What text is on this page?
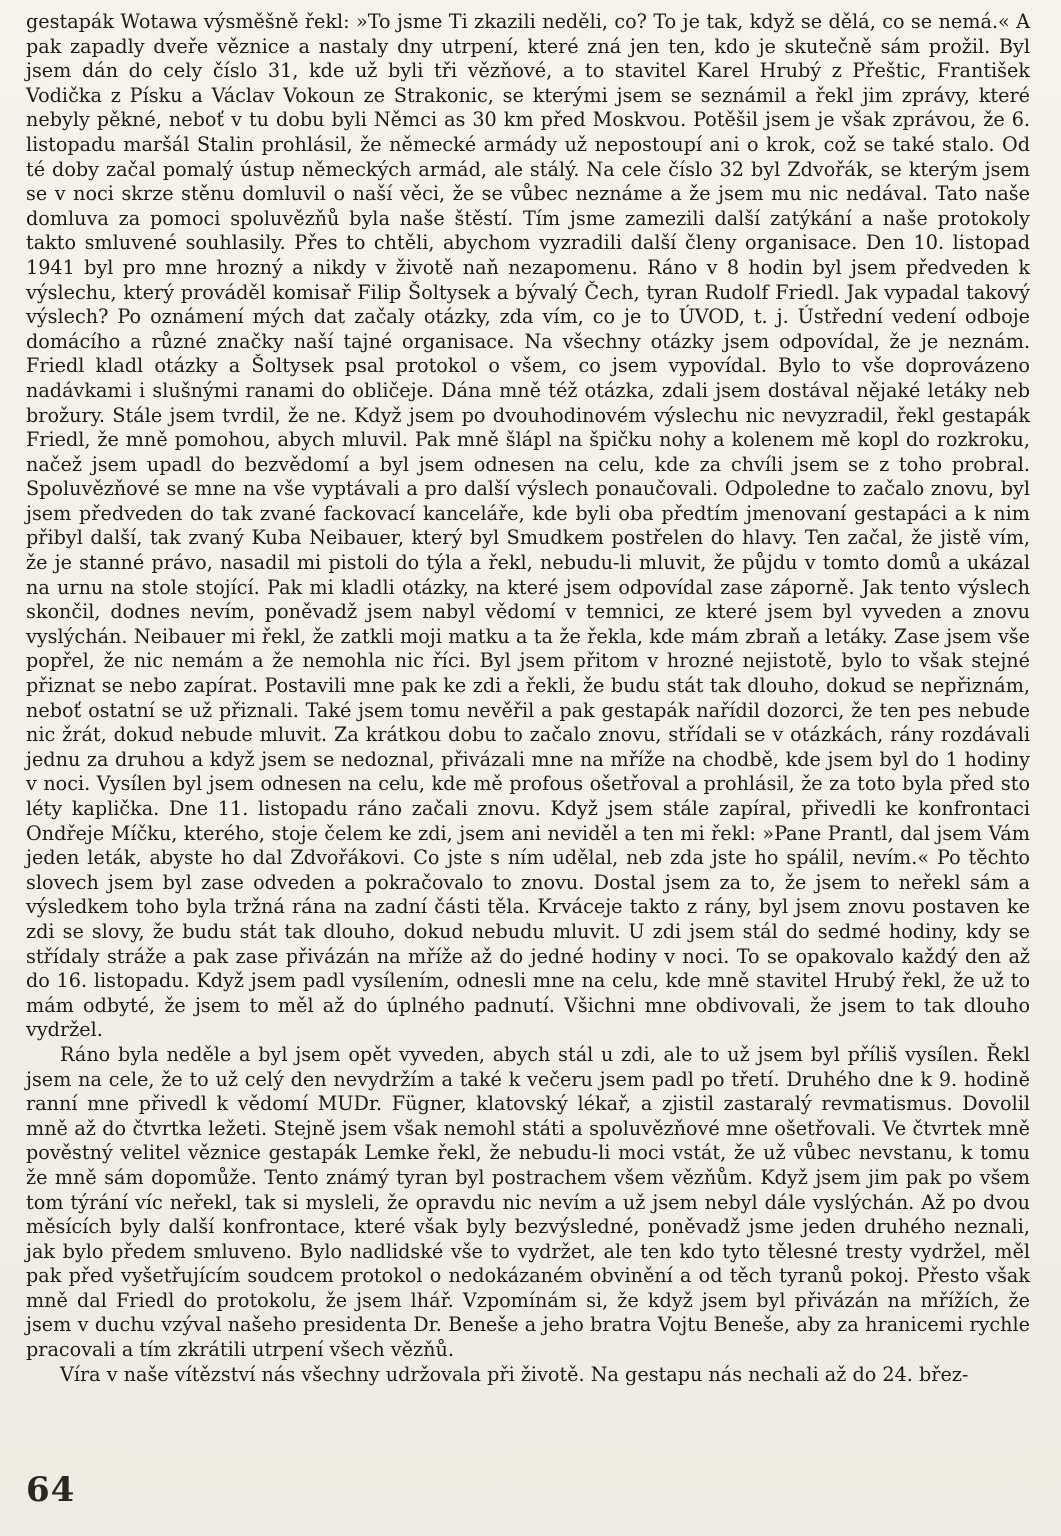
gestapák Wotawa výsměšně řekl: »To jsme Ti zkazili neděli, co? To je tak, když se dělá, co se nemá.« A pak zapadly dveře věznice a nastaly dny utrpení, které zná jen ten, kdo je skutečně sám prožil. Byl jsem dán do cely číslo 31, kde už byli tři vězňové, a to stavitel Karel Hrubý z Přeštic, František Vodička z Písku a Václav Vokoun ze Strakonic, se kterými jsem se seznámil a řekl jim zprávy, které nebyly pěkné, neboť v tu dobu byli Němci as 30 km před Moskvou. Potěšil jsem je však zprávou, že 6. listopadu maršál Stalin prohlásil, že německé armády už nepostoupí ani o krok, což se také stalo. Od té doby začal pomalý ústup německých armád, ale stálý. Na cele číslo 32 byl Zdvořák, se kterým jsem se v noci skrze stěnu domluvil o naší věci, že se vůbec neznáme a že jsem mu nic nedával. Tato naše domluva za pomoci spoluvězňů byla naše štěstí. Tím jsme zamezili další zatýkání a naše protokoly takto smluvené souhlasily. Přes to chtěli, abychom vyzradili další členy organisace. Den 10. listopad 1941 byl pro mne hrozný a nikdy v životě naň nezapomenu. Ráno v 8 hodin byl jsem předveden k výslechu, který prováděl komisař Filip Šoltysek a bývalý Čech, tyran Rudolf Friedl. Jak vypadal takový výslech? Po oznámení mých dat začaly otázky, zda vím, co je to ÚVOD, t. j. Ústřední vedení odboje domácího a různé značky naší tajné organisace. Na všechny otázky jsem odpovídal, že je neznám. Friedl kladl otázky a Šoltysek psal protokol o všem, co jsem vypovídal. Bylo to vše doprovázeno nadávkami i slušnými ranami do obličeje. Dána mně též otázka, zdali jsem dostával nějaké letáky neb brožury. Stále jsem tvrdil, že ne. Když jsem po dvouhodinovém výslechu nic nevyzradil, řekl gestapák Friedl, že mně pomohou, abych mluvil. Pak mně šlápl na špičku nohy a kolenem mě kopl do rozkroku, načež jsem upadl do bezvědomí a byl jsem odnesen na celu, kde za chvíli jsem se z toho probral. Spoluvězňové se mne na vše vyptávali a pro další výslech ponaučovali. Odpoledne to začalo znovu, byl jsem předveden do tak zvané fackovací kanceláře, kde byli oba předtím jmenovaní gestapáci a k nim přibyl další, tak zvaný Kuba Neibauer, který byl Smudkem postřelen do hlavy. Ten začal, že jistě vím, že je stanné právo, nasadil mi pistoli do týla a řekl, nebudu-li mluvit, že půjdu v tomto domů a ukázal na urnu na stole stojící. Pak mi kladli otázky, na které jsem odpovídal zase záporně. Jak tento výslech skončil, dodnes nevím, poněvadž jsem nabyl vědomí v temnici, ze které jsem byl vyveden a znovu vyslýchán. Neibauer mi řekl, že zatkli moji matku a ta že řekla, kde mám zbraň a letáky. Zase jsem vše popřel, že nic nemám a že nemohla nic říci. Byl jsem přitom v hrozné nejistotě, bylo to však stejné přiznat se nebo zapírat. Postavili mne pak ke zdi a řekli, že budu stát tak dlouho, dokud se nepřiznám, neboť ostatní se už přiznali. Také jsem tomu nevěřil a pak gestapák nařídil dozorci, že ten pes nebude nic žrát, dokud nebude mluvit. Za krátkou dobu to začalo znovu, střídali se v otázkách, rány rozdávali jednu za druhou a když jsem se nedoznal, přivázali mne na mříže na chodbě, kde jsem byl do 1 hodiny v noci. Vysílen byl jsem odnesen na celu, kde mě profous ošetřoval a prohlásil, že za toto byla před sto léty kaplička. Dne 11. listopadu ráno začali znovu. Když jsem stále zapíral, přivedli ke konfrontaci Ondřeje Míčku, kterého, stoje čelem ke zdi, jsem ani neviděl a ten mi řekl: »Pane Prantl, dal jsem Vám jeden leták, abyste ho dal Zdvořákovi. Co jste s ním udělal, neb zda jste ho spálil, nevím.« Po těchto slovech jsem byl zase odveden a pokračovalo to znovu. Dostal jsem za to, že jsem to neřekl sám a výsledkem toho byla tržná rána na zadní části těla. Krváceje takto z rány, byl jsem znovu postaven ke zdi se slovy, že budu stát tak dlouho, dokud nebudu mluvit. U zdi jsem stál do sedmé hodiny, kdy se střídaly stráže a pak zase přivázán na mříže až do jedné hodiny v noci. To se opakovalo každý den až do 16. listopadu. Když jsem padl vysílením, odnesli mne na celu, kde mně stavitel Hrubý řekl, že už to mám odbyté, že jsem to měl až do úplného padnutí. Všichni mne obdivovali, že jsem to tak dlouho vydržel.

Ráno byla neděle a byl jsem opět vyveden, abych stál u zdi, ale to už jsem byl příliš vysílen. Řekl jsem na cele, že to už celý den nevydržím a také k večeru jsem padl po třetí. Druhého dne k 9. hodině ranní mne přivedl k vědomí MUDr. Fügner, klatovský lékař, a zjistil zastaralý revmatismus. Dovolil mně až do čtvrtka ležeti. Stejně jsem však nemohl státi a spoluvězňové mne ošetřovali. Ve čtvrtek mně pověstný velitel věznice gestapák Lemke řekl, že nebudu-li moci vstát, že už vůbec nevstanu, k tomu že mně sám dopomůže. Tento známý tyran byl postrachem všem vězňům. Když jsem jim pak po všem tom týrání víc neřekl, tak si mysleli, že opravdu nic nevím a už jsem nebyl dále vyslýchán. Až po dvou měsících byly další konfrontace, které však byly bezvýsledné, poněvadž jsme jeden druhého neznali, jak bylo předem smluveno. Bylo nadlidské vše to vydržet, ale ten kdo tyto tělesné tresty vydržel, měl pak před vyšetřujícím soudcem protokol o nedokázaném obvinění a od těch tyranů pokoj. Přesto však mně dal Friedl do protokolu, že jsem lhář. Vzpomínám si, že když jsem byl přivázán na mřížích, že jsem v duchu vzýval našeho presidenta Dr. Beneše a jeho bratra Vojtu Beneše, aby za hranicemi rychle pracovali a tím zkrátili utrpení všech vězňů.

Víra v naše vítězství nás všechny udržovala při životě. Na gestapu nás nechali až do 24. břez-

64
